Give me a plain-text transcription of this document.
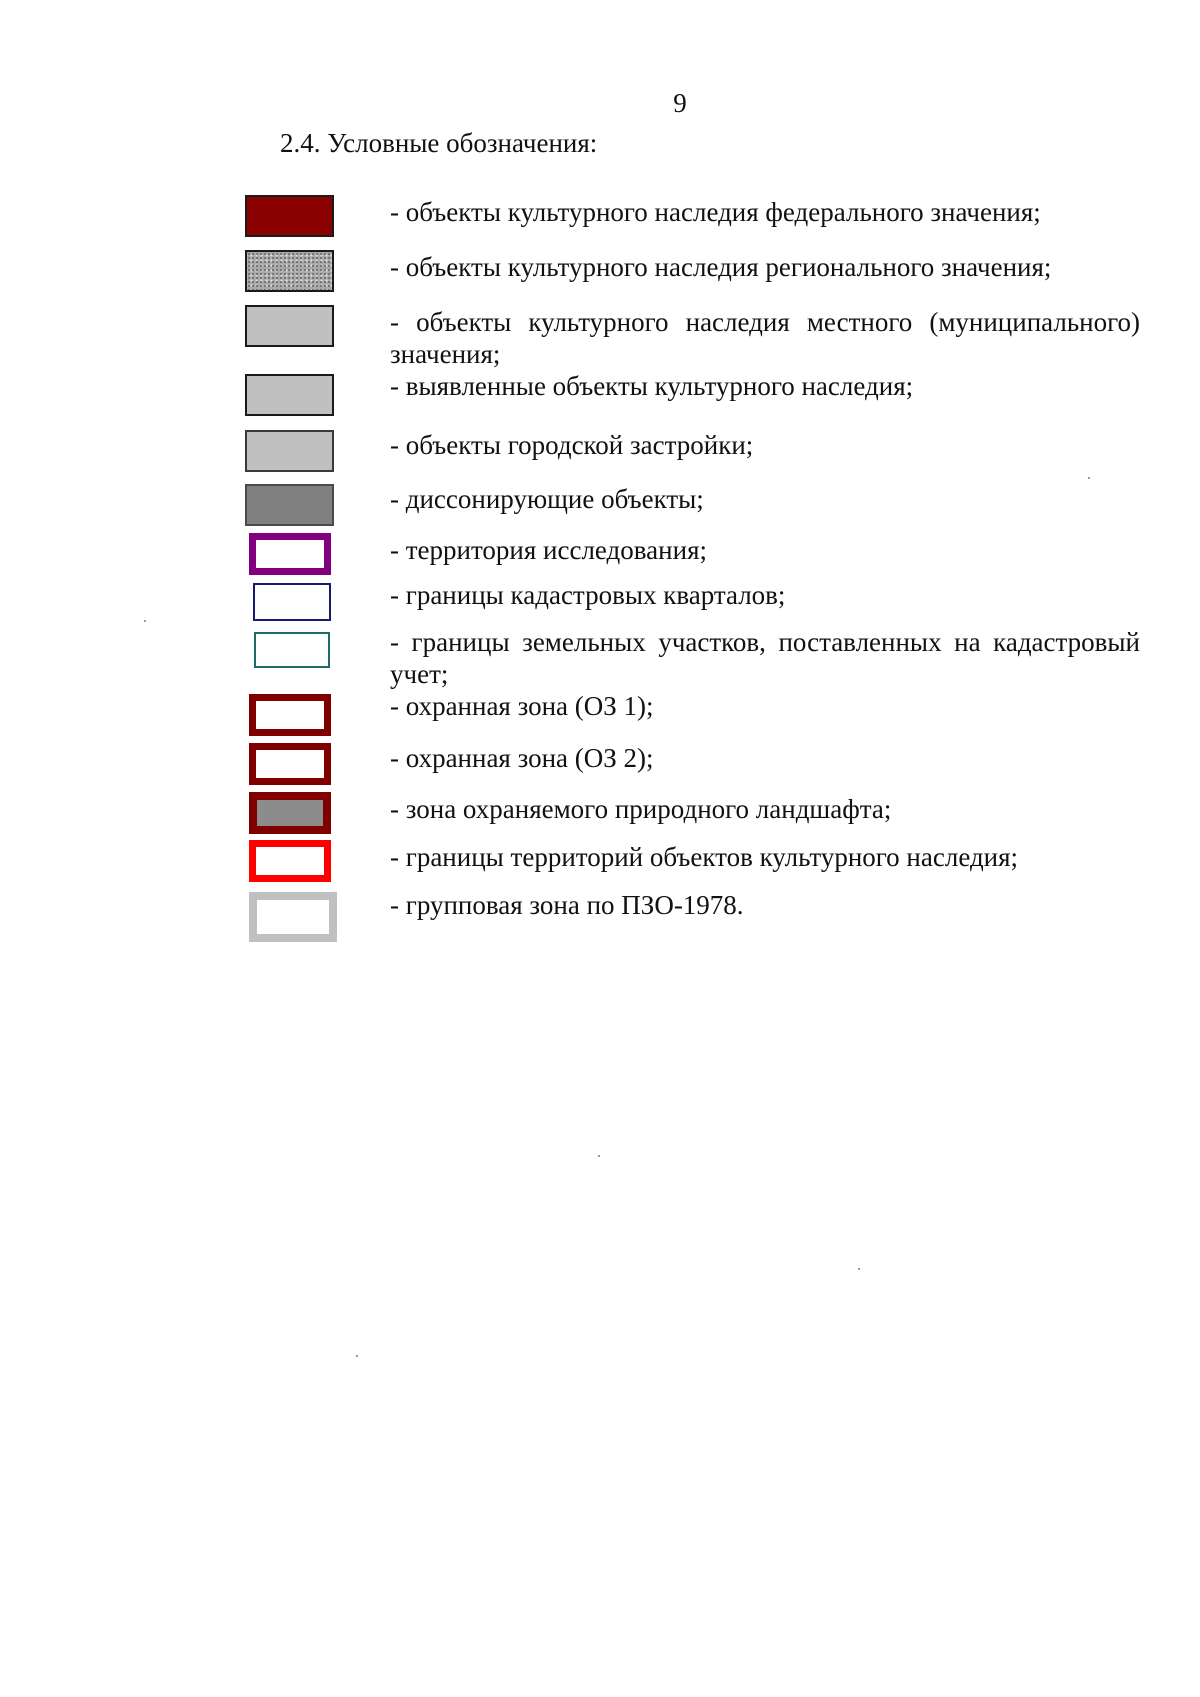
9
2.4. Условные обозначения:
- объекты культурного наследия федерального значения;
- объекты культурного наследия регионального значения;
- объекты культурного наследия местного (муниципального) значения;
- выявленные объекты культурного наследия;
- объекты городской застройки;
- диссонирующие объекты;
- территория исследования;
- границы кадастровых кварталов;
- границы земельных участков, поставленных на кадастровый учет;
- охранная зона (ОЗ 1);
- охранная зона (ОЗ 2);
- зона охраняемого природного ландшафта;
- границы территорий объектов культурного наследия;
- групповая зона по ПЗО-1978.
